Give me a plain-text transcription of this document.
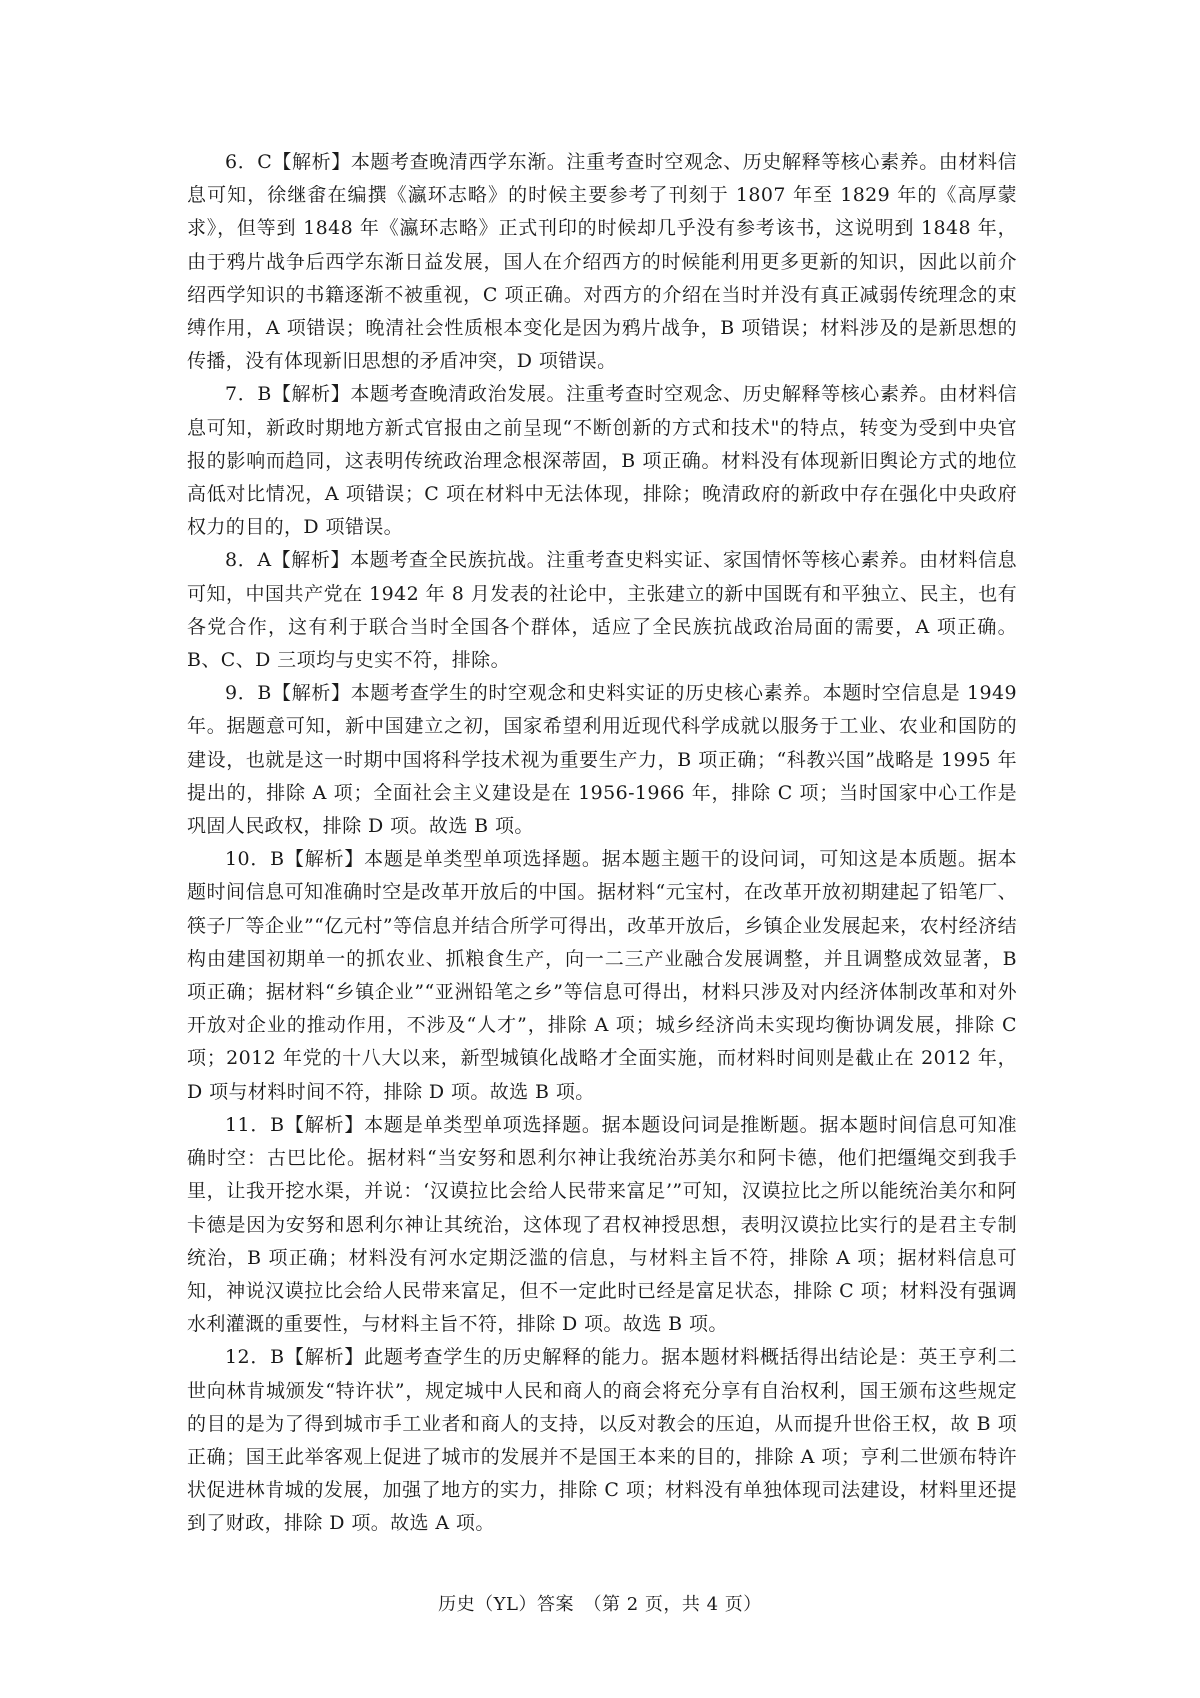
6．C【解析】本题考查晚清西学东渐。注重考查时空观念、历史解释等核心素养。由材料信息可知，徐继畬在编撰《瀛环志略》的时候主要参考了刊刻于 1807 年至 1829 年的《高厚蒙求》，但等到 1848 年《瀛环志略》正式刊印的时候却几乎没有参考该书，这说明到 1848 年，由于鸦片战争后西学东渐日益发展，国人在介绍西方的时候能利用更多更新的知识，因此以前介绍西学知识的书籍逐渐不被重视，C 项正确。对西方的介绍在当时并没有真正减弱传统理念的束缚作用，A 项错误；晚清社会性质根本变化是因为鸦片战争，B 项错误；材料涉及的是新思想的传播，没有体现新旧思想的矛盾冲突，D 项错误。

7．B【解析】本题考查晚清政治发展。注重考查时空观念、历史解释等核心素养。由材料信息可知，新政时期地方新式官报由之前呈现“不断创新的方式和技术"的特点，转变为受到中央官报的影响而趋同，这表明传统政治理念根深蒂固，B 项正确。材料没有体现新旧舆论方式的地位高低对比情况，A 项错误；C 项在材料中无法体现，排除；晚清政府的新政中存在强化中央政府权力的目的，D 项错误。

8．A【解析】本题考查全民族抗战。注重考查史料实证、家国情怀等核心素养。由材料信息可知，中国共产党在 1942 年 8 月发表的社论中，主张建立的新中国既有和平独立、民主，也有各党合作，这有利于联合当时全国各个群体，适应了全民族抗战政治局面的需要，A 项正确。B、C、D 三项均与史实不符，排除。

9．B【解析】本题考查学生的时空观念和史料实证的历史核心素养。本题时空信息是 1949 年。据题意可知，新中国建立之初，国家希望利用近现代科学成就以服务于工业、农业和国防的建设，也就是这一时期中国将科学技术视为重要生产力，B 项正确；“科教兴国”战略是 1995 年提出的，排除 A 项；全面社会主义建设是在 1956-1966 年，排除 C 项；当时国家中心工作是巩固人民政权，排除 D 项。故选 B 项。

10．B【解析】本题是单类型单项选择题。据本题主题干的设问词，可知这是本质题。据本题时间信息可知准确时空是改革开放后的中国。据材料“元宝村，在改革开放初期建起了铅笔厂、筷子厂等企业”“亿元村”等信息并结合所学可得出，改革开放后，乡镇企业发展起来，农村经济结构由建国初期单一的抓农业、抓粮食生产，向一二三产业融合发展调整，并且调整成效显著，B 项正确；据材料“乡镇企业”“亚洲铅笔之乡”等信息可得出，材料只涉及对内经济体制改革和对外开放对企业的推动作用，不涉及“人才”，排除 A 项；城乡经济尚未实现均衡协调发展，排除 C 项；2012 年党的十八大以来，新型城镇化战略才全面实施，而材料时间则是截止在 2012 年，D 项与材料时间不符，排除 D 项。故选 B 项。

11．B【解析】本题是单类型单项选择题。据本题设问词是推断题。据本题时间信息可知准确时空：古巴比伦。据材料“当安努和恩利尔神让我统治苏美尔和阿卡德，他们把缰绳交到我手里，让我开挖水渠，并说：‘汉谟拉比会给人民带来富足’”可知，汉谟拉比之所以能统治美尔和阿卡德是因为安努和恩利尔神让其统治，这体现了君权神授思想，表明汉谟拉比实行的是君主专制统治，B 项正确；材料没有河水定期泛滥的信息，与材料主旨不符，排除 A 项；据材料信息可知，神说汉谟拉比会给人民带来富足，但不一定此时已经是富足状态，排除 C 项；材料没有强调水利灌溉的重要性，与材料主旨不符，排除 D 项。故选 B 项。

12．B【解析】此题考查学生的历史解释的能力。据本题材料概括得出结论是：英王亨利二世向林肯城颁发“特许状”，规定城中人民和商人的商会将充分享有自治权利，国王颁布这些规定的目的是为了得到城市手工业者和商人的支持，以反对教会的压迫，从而提升世俗王权，故 B 项正确；国王此举客观上促进了城市的发展并不是国王本来的目的，排除 A 项；亨利二世颁布特许状促进林肯城的发展，加强了地方的实力，排除 C 项；材料没有单独体现司法建设，材料里还提到了财政，排除 D 项。故选 A 项。

历史（YL）答案　（第 2 页，共 4 页）
